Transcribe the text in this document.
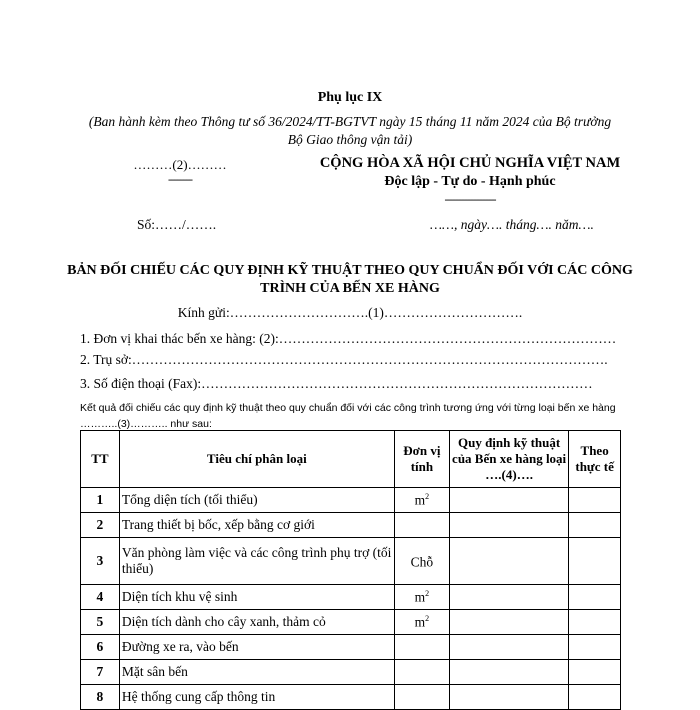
Phụ lục IX
(Ban hành kèm theo Thông tư số 36/2024/TT-BGTVT ngày 15 tháng 11 năm 2024 của Bộ trưởng Bộ Giao thông vận tải)
………(2)………
--------
CỘNG HÒA XÃ HỘI CHỦ NGHĨA VIỆT NAM
Độc lập - Tự do - Hạnh phúc
-----------------
Số:……/…….	……, ngày…. tháng…. năm….
BẢN ĐỐI CHIẾU CÁC QUY ĐỊNH KỸ THUẬT THEO QUY CHUẨN ĐỐI VỚI CÁC CÔNG TRÌNH CỦA BẾN XE HÀNG
Kính gửi:………………………….(1)………………………….
1. Đơn vị khai thác bến xe hàng: (2):…………………………………………………………………
2. Trụ sở:…………………………………………………………………………………………….
3. Số điện thoại (Fax):……………………………………………………………………………
Kết quả đối chiếu các quy định kỹ thuật theo quy chuẩn đối với các công trình tương ứng với từng loại bến xe hàng ………..(3)……….. như sau:
TT	Tiêu chí phân loại	Đơn vị tính	Quy định kỹ thuật của Bến xe hàng loại ….(4)….	Theo thực tế
1	Tổng diện tích (tối thiểu)	$m^2$		
2	Trang thiết bị bốc, xếp bằng cơ giới			
3	Văn phòng làm việc và các công trình phụ trợ (tối thiểu)	Chỗ		
4	Diện tích khu vệ sinh	$m^2$		
5	Diện tích dành cho cây xanh, thảm cỏ	$m^2$		
6	Đường xe ra, vào bến			
7	Mặt sân bến			
8	Hệ thống cung cấp thông tin			
